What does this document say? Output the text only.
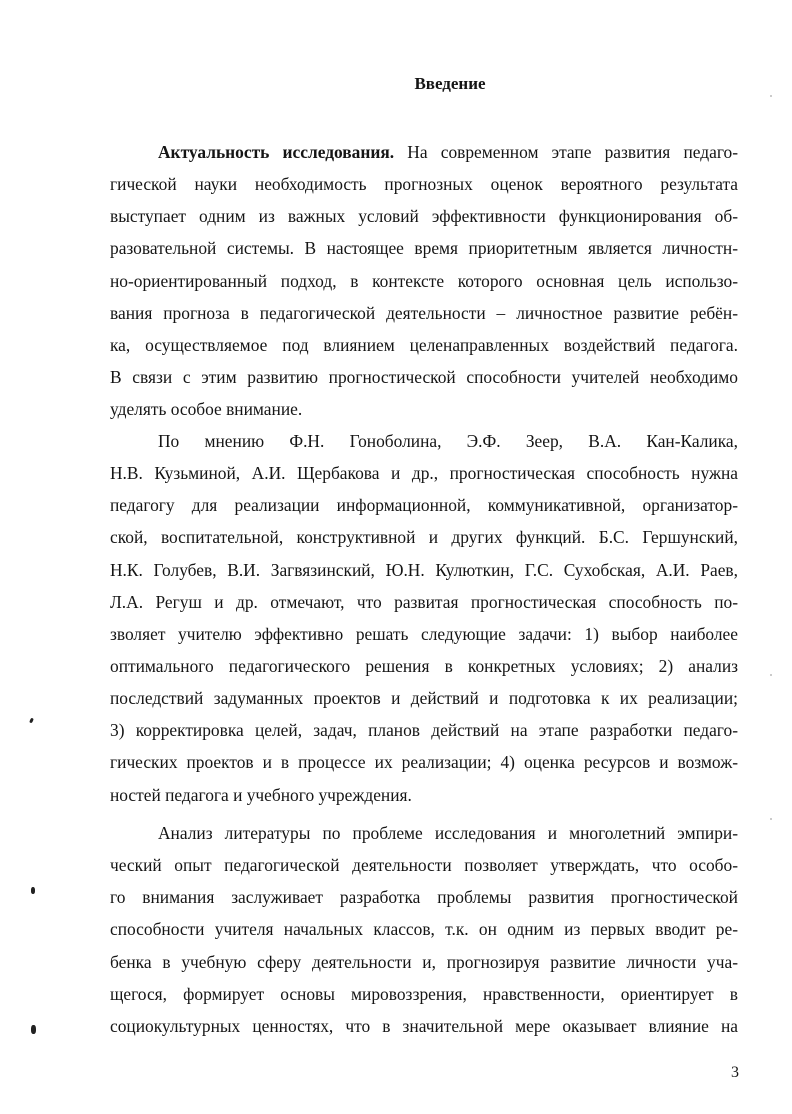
Введение
Актуальность исследования. На современном этапе развития педаго-
гической науки необходимость прогнозных оценок вероятного результата
выступает одним из важных условий эффективности функционирования об-
разовательной системы. В настоящее время приоритетным является личностн-
но-ориентированный подход, в контексте которого основная цель использо-
вания прогноза в педагогической деятельности – личностное развитие ребён-
ка, осуществляемое под влиянием целенаправленных воздействий педагога.
В связи с этим развитию прогностической способности учителей необходимо
уделять особое внимание.
По мнению Ф.Н. Гоноболина, Э.Ф. Зеер, В.А. Кан-Калика,
Н.В. Кузьминой, А.И. Щербакова и др., прогностическая способность нужна
педагогу для реализации информационной, коммуникативной, организатор-
ской, воспитательной, конструктивной и других функций. Б.С. Гершунский,
Н.К. Голубев, В.И. Загвязинский, Ю.Н. Кулюткин, Г.С. Сухобская, А.И. Раев,
Л.А. Регуш и др. отмечают, что развитая прогностическая способность по-
зволяет учителю эффективно решать следующие задачи: 1) выбор наиболее
оптимального педагогического решения в конкретных условиях; 2) анализ
последствий задуманных проектов и действий и подготовка к их реализации;
3) корректировка целей, задач, планов действий на этапе разработки педаго-
гических проектов и в процессе их реализации; 4) оценка ресурсов и возмож-
ностей педагога и учебного учреждения.
Анализ литературы по проблеме исследования и многолетний эмпири-
ческий опыт педагогической деятельности позволяет утверждать, что особо-
го внимания заслуживает разработка проблемы развития прогностической
способности учителя начальных классов, т.к. он одним из первых вводит ре-
бенка в учебную сферу деятельности и, прогнозируя развитие личности уча-
щегося, формирует основы мировоззрения, нравственности, ориентирует в
социокультурных ценностях, что в значительной мере оказывает влияние на
3
